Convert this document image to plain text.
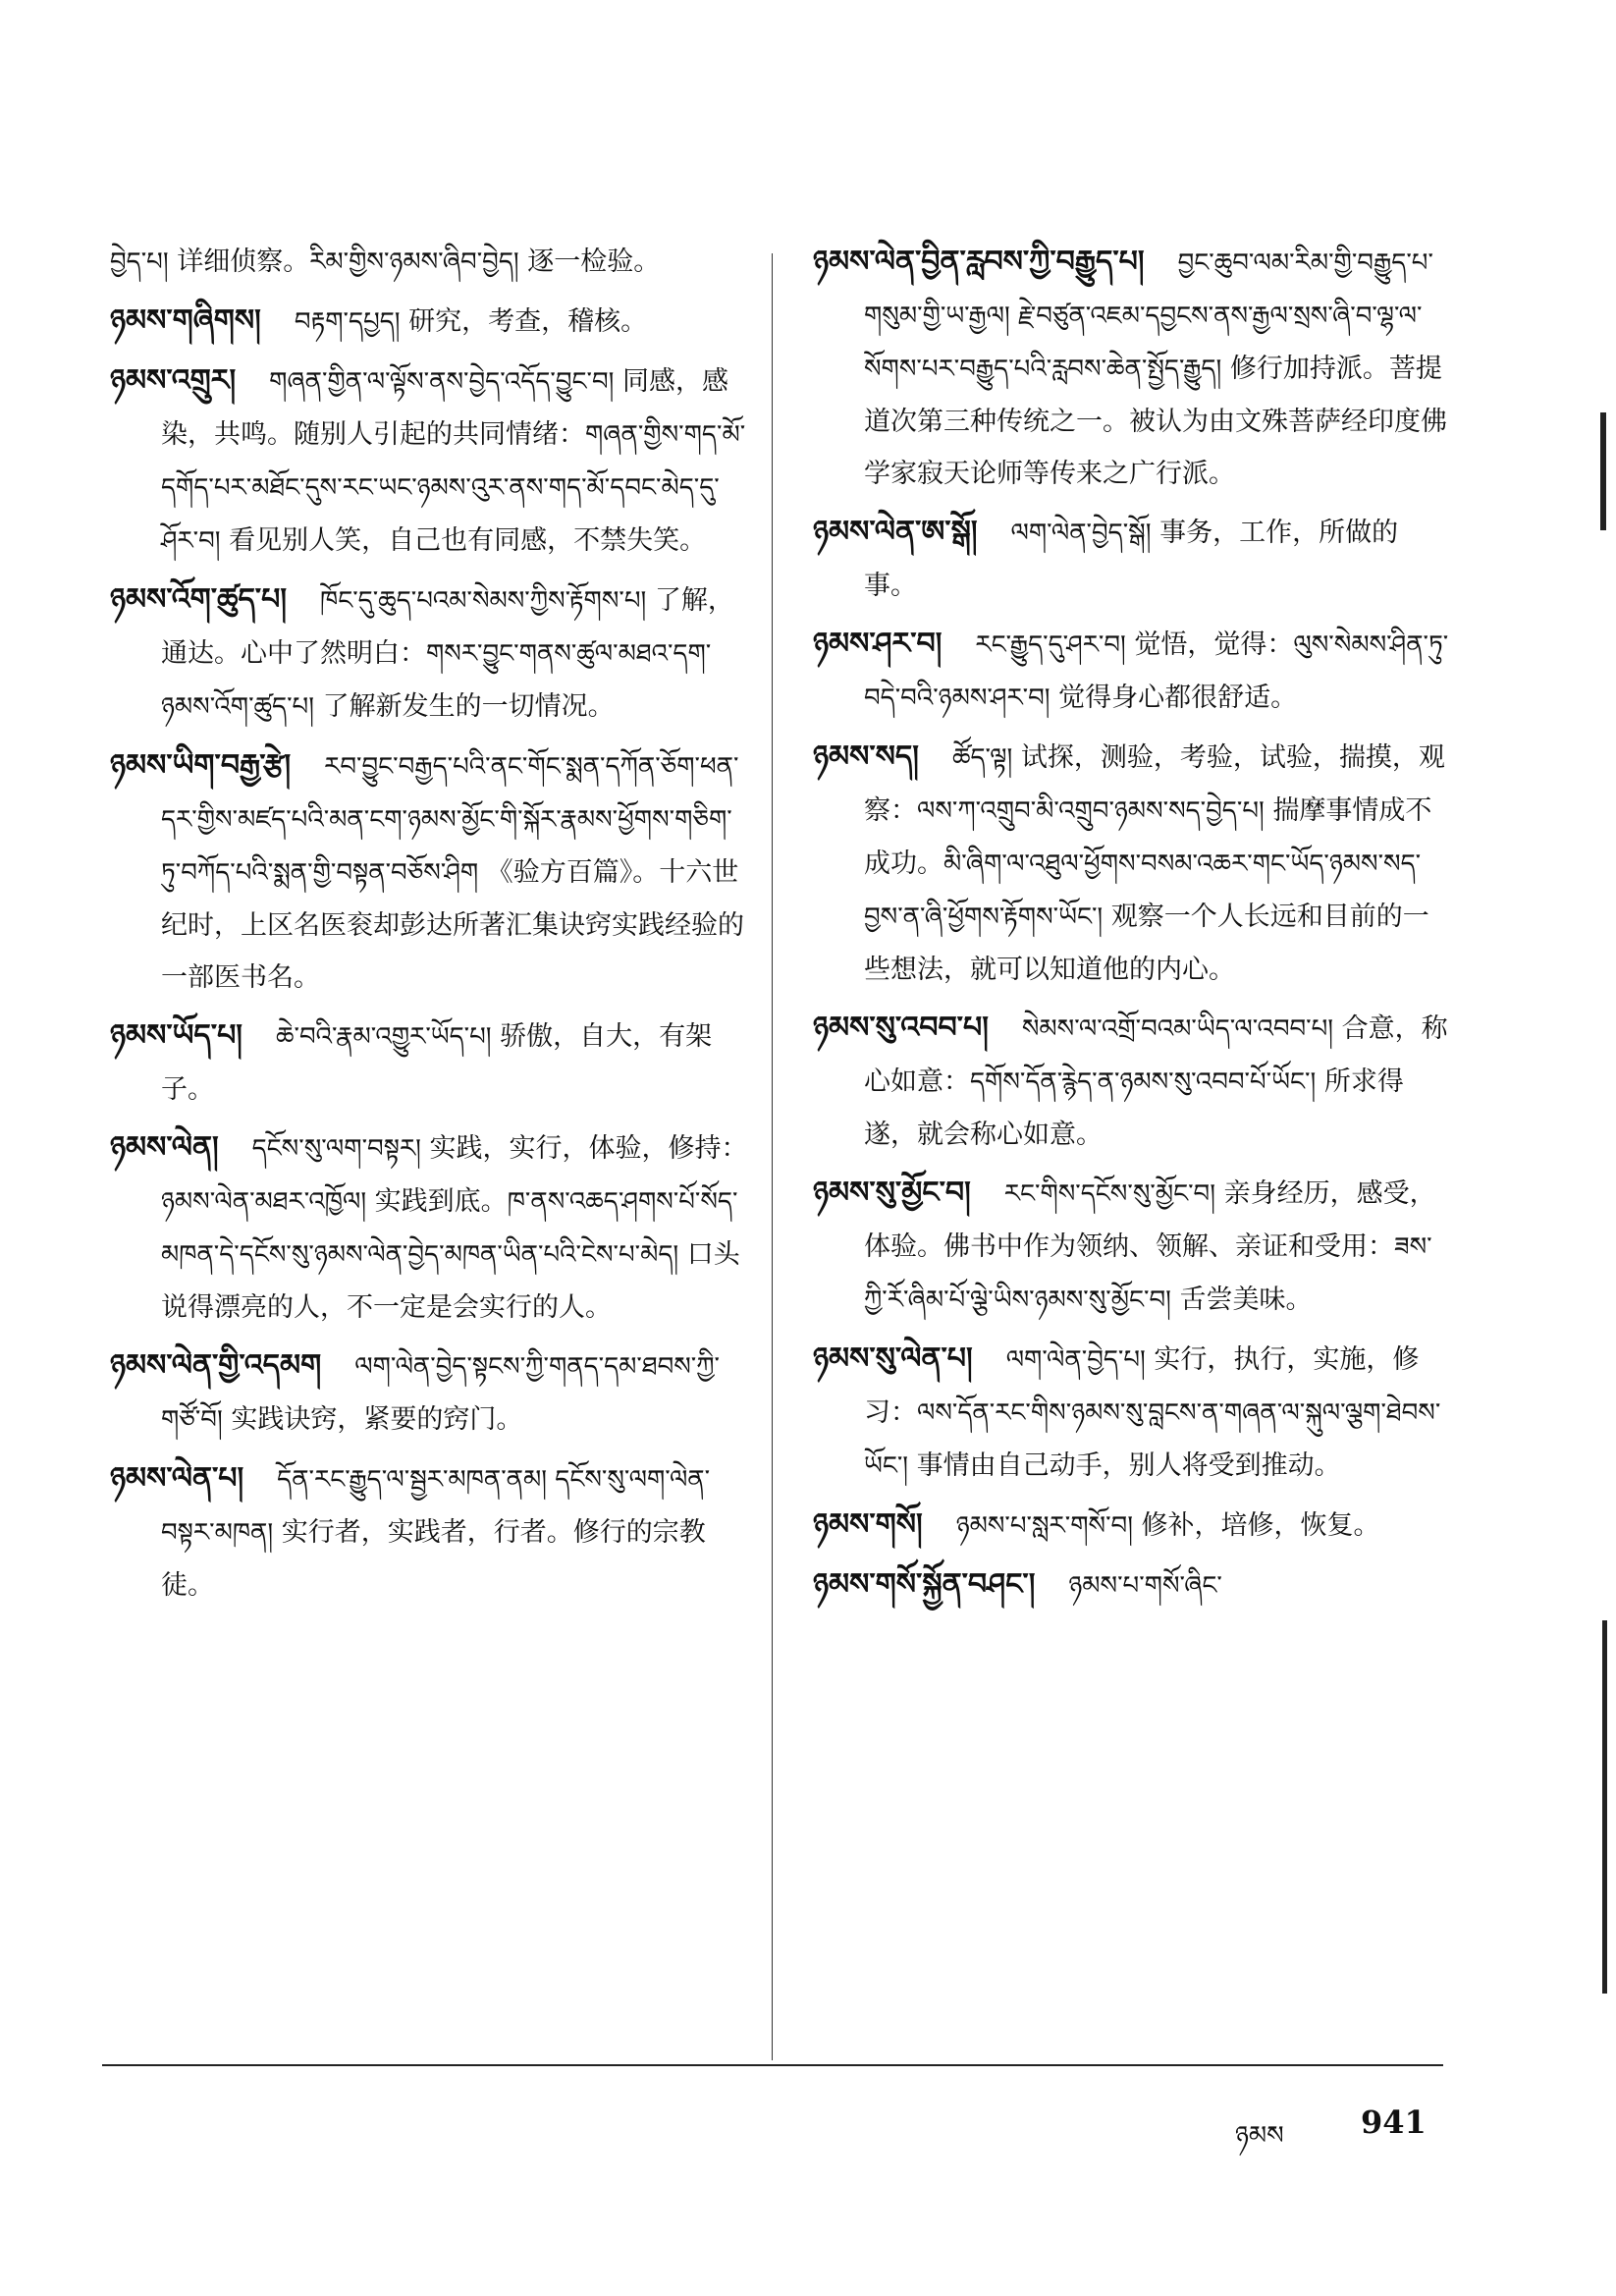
བྱེད་པ། 详细侦察。རིམ་གྱིས་ཉམས་ཞིབ་བྱེད། 逐一检验。

ཉམས་གཞིགས། བརྟག་དཔྱད། 研究，考查，稽核。

ཉམས་འགྲུར། གཞན་གྱིན་ལ་ལྟོས་ནས་བྱེད་འདོད་བྱུང་བ། 同感，感染，共鸣。随别人引起的共同情绪：གཞན་གྱིས་གད་མོ་དགོད་པར་མཐོང་དུས་རང་ཡང་ཉམས་འུར་ནས་གད་མོ་དབང་མེད་དུ་ཤོར་བ། 看见别人笑，自己也有同感，不禁失笑。

ཉམས་འོག་ཚུད་པ། ཁོང་དུ་ཆུད་པའམ་སེམས་ཀྱིས་རྟོགས་པ། 了解，通达。心中了然明白：གསར་བྱུང་གནས་ཚུལ་མཐའ་དག་ཉམས་འོག་ཚུད་པ། 了解新发生的一切情况。

ཉམས་ཡིག་བརྒྱ་རྩེ། རབ་བྱུང་བརྒྱད་པའི་ནང་གོང་སྨན་དཀོན་ཅོག་ཕན་དར་གྱིས་མཛད་པའི་མན་ངག་ཉམས་མྱོང་གི་སྐོར་རྣམས་ཕྱོགས་གཅིག་ཏུ་བཀོད་པའི་སྨན་གྱི་བསྟན་བཅོས་ཤིག 《验方百篇》。十六世纪时，上区名医衮却彭达所著汇集诀窍实践经验的一部医书名。

ཉམས་ཡོད་པ། ཆེ་བའི་རྣམ་འགྱུར་ཡོད་པ། 骄傲，自大，有架子。

ཉམས་ལེན། དངོས་སུ་ལག་བསྟར། 实践，实行，体验，修持：ཉམས་ལེན་མཐར་འཁྱོལ། 实践到底。ཁ་ནས་འཆད་ཤགས་པོ་སོད་མཁན་དེ་དངོས་སུ་ཉམས་ལེན་བྱེད་མཁན་ཡིན་པའི་ངེས་པ་མེད། 口头说得漂亮的人，不一定是会实行的人。

ཉམས་ལེན་གྱི་འདམག ལག་ལེན་བྱེད་སྟངས་ཀྱི་གནད་དམ་ཐབས་ཀྱི་གཙོ་བོ། 实践诀窍，紧要的窍门。

ཉམས་ལེན་པ། དོན་རང་རྒྱུད་ལ་སྦྱར་མཁན་ནམ། དངོས་སུ་ལག་ལེན་བསྟར་མཁན། 实行者，实践者，行者。修行的宗教徒。

ཉམས་ལེན་བྱིན་རླབས་ཀྱི་བརྒྱུད་པ། བྱང་ཆུབ་ལམ་རིམ་གྱི་བརྒྱུད་པ་གསུམ་གྱི་ཡ་རྒྱལ། རྗེ་བཙུན་འཇམ་དབྱངས་ནས་རྒྱལ་སྲས་ཞི་བ་ལྷ་ལ་སོགས་པར་བརྒྱུད་པའི་རླབས་ཆེན་སྤྱོད་རྒྱུད། 修行加持派。菩提道次第三种传统之一。被认为由文殊菩萨经印度佛学家寂天论师等传来之广行派。

ཉམས་ལེན་ཨ་སྒོ། ལག་ལེན་བྱེད་སྒོ། 事务，工作，所做的事。

ཉམས་ཤར་བ། རང་རྒྱུད་དུ་ཤར་བ། 觉悟，觉得：ལུས་སེམས་ཤིན་ཏུ་བདེ་བའི་ཉམས་ཤར་བ། 觉得身心都很舒适。

ཉམས་སད། ཚོད་ལྟ། 试探，测验，考验，试验，揣摸，观察：ལས་ཀ་འགྲུབ་མི་འགྲུབ་ཉམས་སད་བྱེད་པ། 揣摩事情成不成功。མི་ཞིག་ལ་འཐུལ་ཕྱོགས་བསམ་འཆར་གང་ཡོད་ཉམས་སད་བྱས་ན་ཞི་ཕྱོགས་རྟོགས་ཡོང་། 观察一个人长远和目前的一些想法，就可以知道他的内心。

ཉམས་སུ་འབབ་པ། སེམས་ལ་འགྲོ་བའམ་ཡིད་ལ་འབབ་པ། 合意，称心如意：དགོས་དོན་རྙེད་ན་ཉམས་སུ་འབབ་པོ་ཡོང་། 所求得遂，就会称心如意。

ཉམས་སུ་མྱོང་བ། རང་གིས་དངོས་སུ་མྱོང་བ། 亲身经历，感受，体验。佛书中作为领纳、领解、亲证和受用：ཟས་ཀྱི་རོ་ཞིམ་པོ་ལྕེ་ཡིས་ཉམས་སུ་མྱོང་བ། 舌尝美味。

ཉམས་སུ་ལེན་པ། ལག་ལེན་བྱེད་པ། 实行，执行，实施，修习：ལས་དོན་རང་གིས་ཉམས་སུ་བླངས་ན་གཞན་ལ་སྐུལ་ལྕག་ཐེབས་ཡོང་། 事情由自己动手，别人将受到推动。

ཉམས་གསོ། ཉམས་པ་སླར་གསོ་བ། 修补，培修，恢复。

ཉམས་གསོ་སྐྱོན་བཤང་། ཉམས་པ་གསོ་ཞིང་

ཉམས 941
